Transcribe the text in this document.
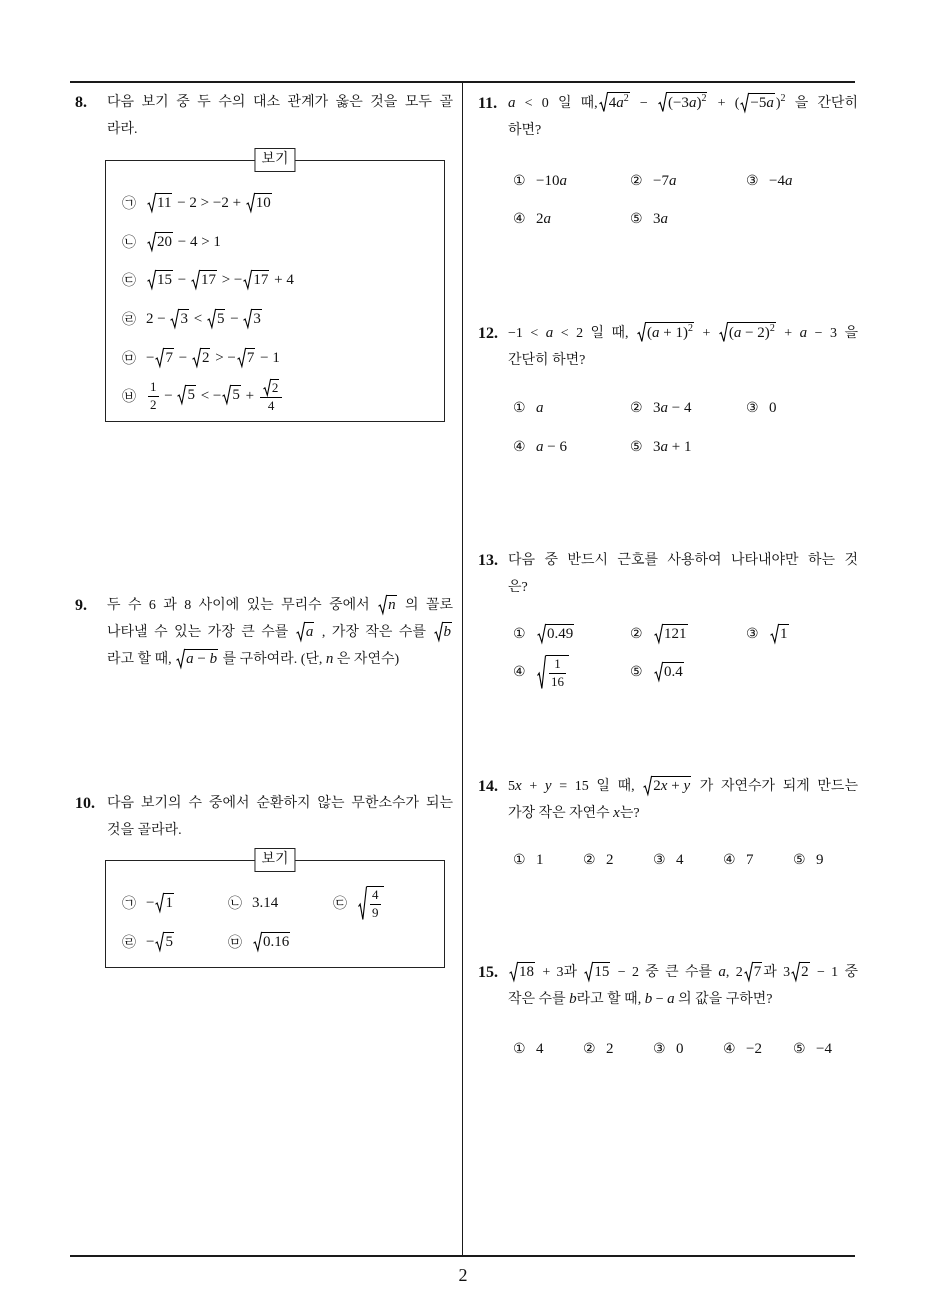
8. 다음 보기 중 두 수의 대소 관계가 옳은 것을 모두 골
라라.
보기
㉠	11 − 2 > −2 +
10
㉡	20 − 4 > 1
㉢	15 −
17 > − 17 + 4
㉣ 2 −
3 <
5 −
3
㉤ − 7 −
2 > − 7 − 1
㉥ $\frac{1}{2}$ −
5 < − $5 + \frac{2}{4}$
9. 두 수 6 과 8 사이에 있는 무리수 중에서
n 의 꼴로
나타낼 수 있는 가장 큰 수를
a , 가장 작은 수를
b
라고 할 때,
a − b 를 구하여라. (단, n 은 자연수)
10. 다음 보기의 수 중에서 순환하지 않는 무한소수가 되는
것을 골라라.
보기
㉠ − 1	㉡ 3.14	㉢	$\frac{4}{9}$
㉣ − 5	㉤	0.16
11. a < 0 일 때, $4a^2$ −
$(-3a)^2$ + ( −5a )$^2$ 을 간단히
하면?
① −10a	② −7a	③ −4a
④ 2a	⑤ 3a
12. −1 < a < 2 일 때,
$(a + 1)^2$ +
$(a - 2)^2 + a - 3$ 을
간단히 하면?
① a	② 3a − 4	③ 0
④ a − 6	⑤ 3a + 1
13. 다음 중 반드시 근호를 사용하여 나타내야만 하는 것
은?
①	0.49	②	121	③	1
④	$\frac{1}{16}$	⑤	0.4
14. 5x + y = 15 일 때,
2x + y 가 자연수가 되게 만드는
가장 작은 자연수 x는?
① 1	② 2	③ 4	④ 7	⑤ 9
15.	18 + 3과
15 − 2 중 큰 수를 a, 2 7 과 3 2 − 1 중
작은 수를 b라고 할 때, b − a 의 값을 구하면?
① 4	② 2	③ 0	④ −2 ⑤ −4
2
